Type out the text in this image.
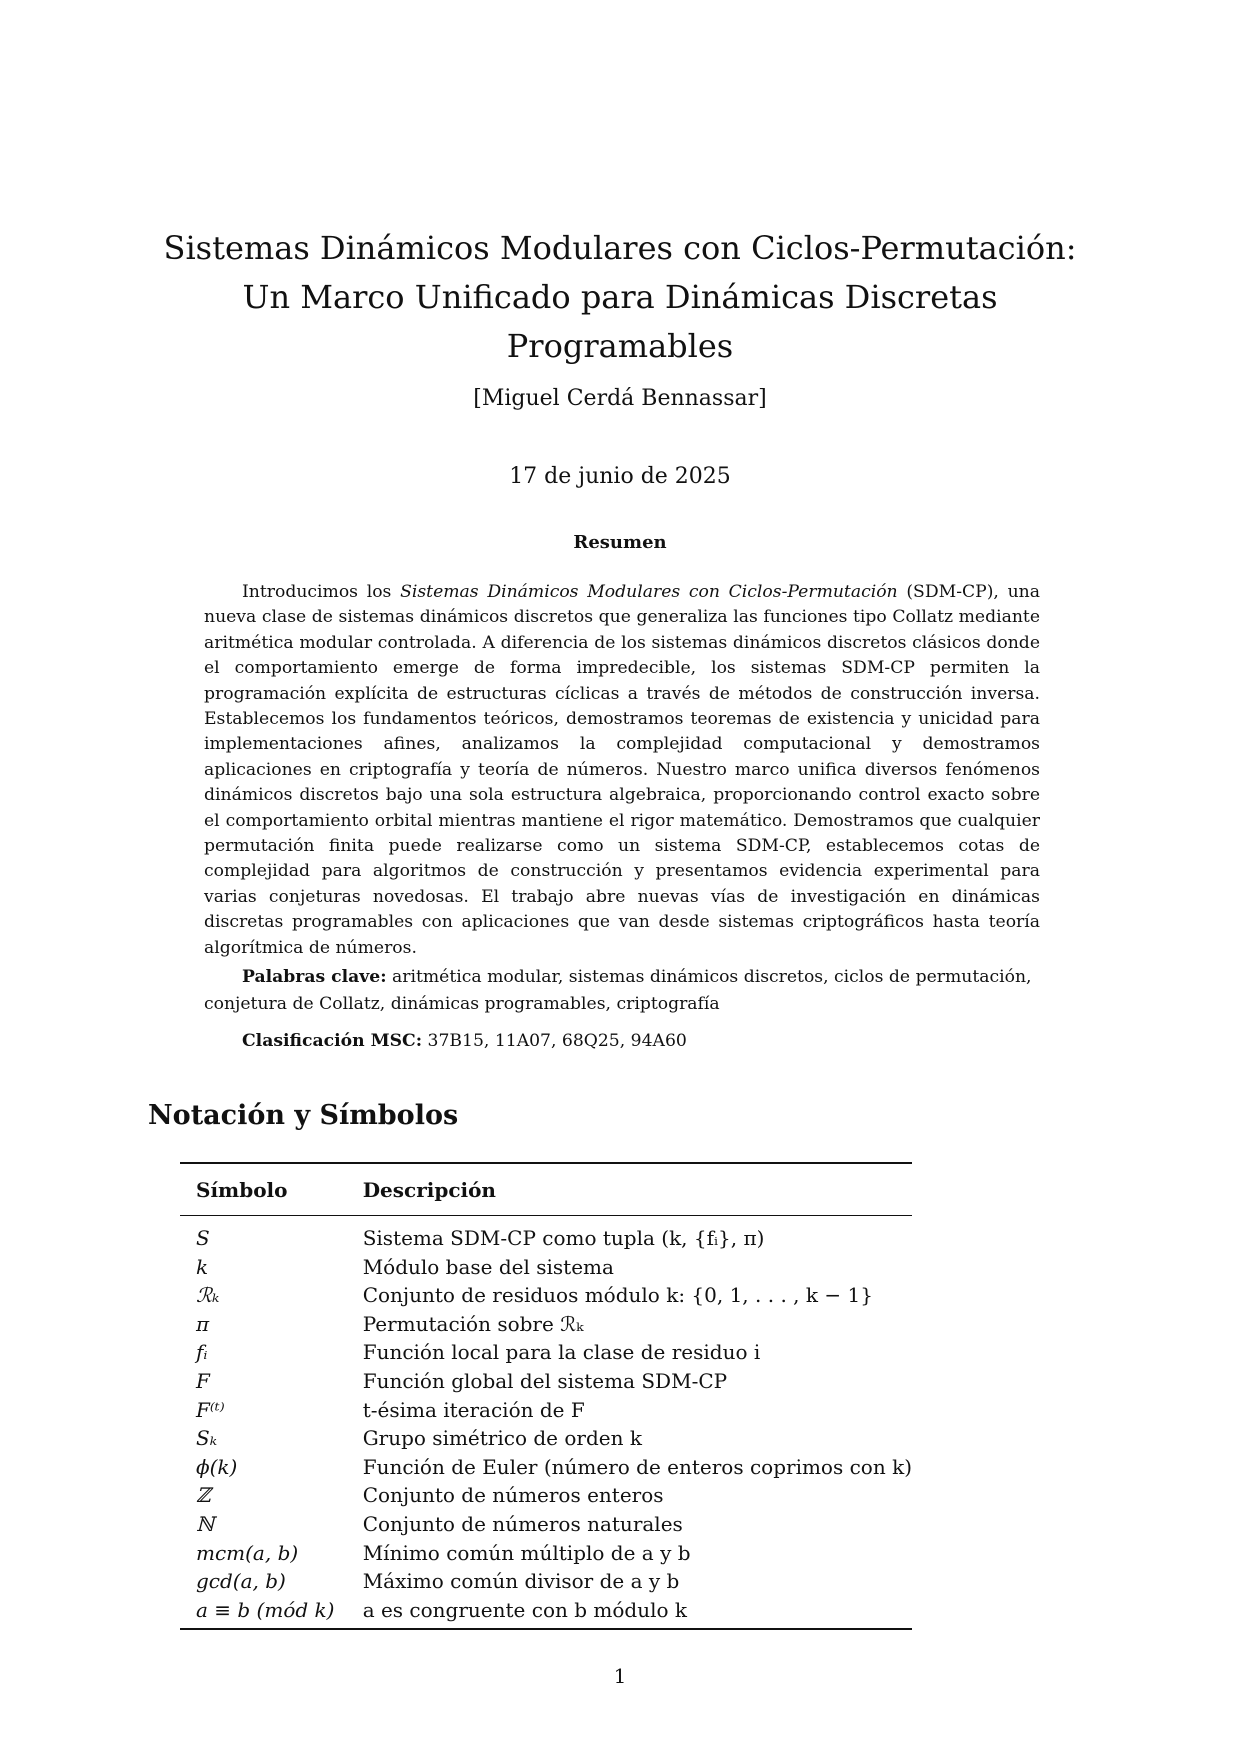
Sistemas Dinámicos Modulares con Ciclos-Permutación:
Un Marco Unificado para Dinámicas Discretas
Programables
[Miguel Cerdá Bennassar]
17 de junio de 2025
Resumen

Introducimos los Sistemas Dinámicos Modulares con Ciclos-Permutación (SDM-CP), una nueva clase de sistemas dinámicos discretos que generaliza las funciones tipo Collatz mediante aritmética modular controlada. A diferencia de los sistemas dinámicos discretos clásicos donde el comportamiento emerge de forma impredecible, los sistemas SDM-CP permiten la programación explícita de estructuras cíclicas a través de métodos de construcción inversa. Establecemos los fundamentos teóricos, demostramos teoremas de existencia y unicidad para implementaciones afines, analizamos la complejidad computacional y demostramos aplicaciones en criptografía y teoría de números. Nuestro marco unifica diversos fenómenos dinámicos discretos bajo una sola estructura algebraica, proporcionando control exacto sobre el comportamiento orbital mientras mantiene el rigor matemático. Demostramos que cualquier permutación finita puede realizarse como un sistema SDM-CP, establecemos cotas de complejidad para algoritmos de construcción y presentamos evidencia experimental para varias conjeturas novedosas. El trabajo abre nuevas vías de investigación en dinámicas discretas programables con aplicaciones que van desde sistemas criptográficos hasta teoría algorítmica de números.

Palabras clave: aritmética modular, sistemas dinámicos discretos, ciclos de permutación, conjetura de Collatz, dinámicas programables, criptografía

Clasificación MSC: 37B15, 11A07, 68Q25, 94A60
Notación y Símbolos
Símbolo	Descripción
S	Sistema SDM-CP como tupla (k, {fᵢ}, π)
k	Módulo base del sistema
ℛₖ	Conjunto de residuos módulo k: {0, 1, . . . , k − 1}
π	Permutación sobre ℛₖ
fᵢ	Función local para la clase de residuo i
F	Función global del sistema SDM-CP
F⁽ᵗ⁾	t-ésima iteración de F
Sₖ	Grupo simétrico de orden k
ϕ(k)	Función de Euler (número de enteros coprimos con k)
ℤ	Conjunto de números enteros
ℕ	Conjunto de números naturales
mcm(a, b)	Mínimo común múltiplo de a y b
gcd(a, b)	Máximo común divisor de a y b
a ≡ b (mód k)	a es congruente con b módulo k
1
